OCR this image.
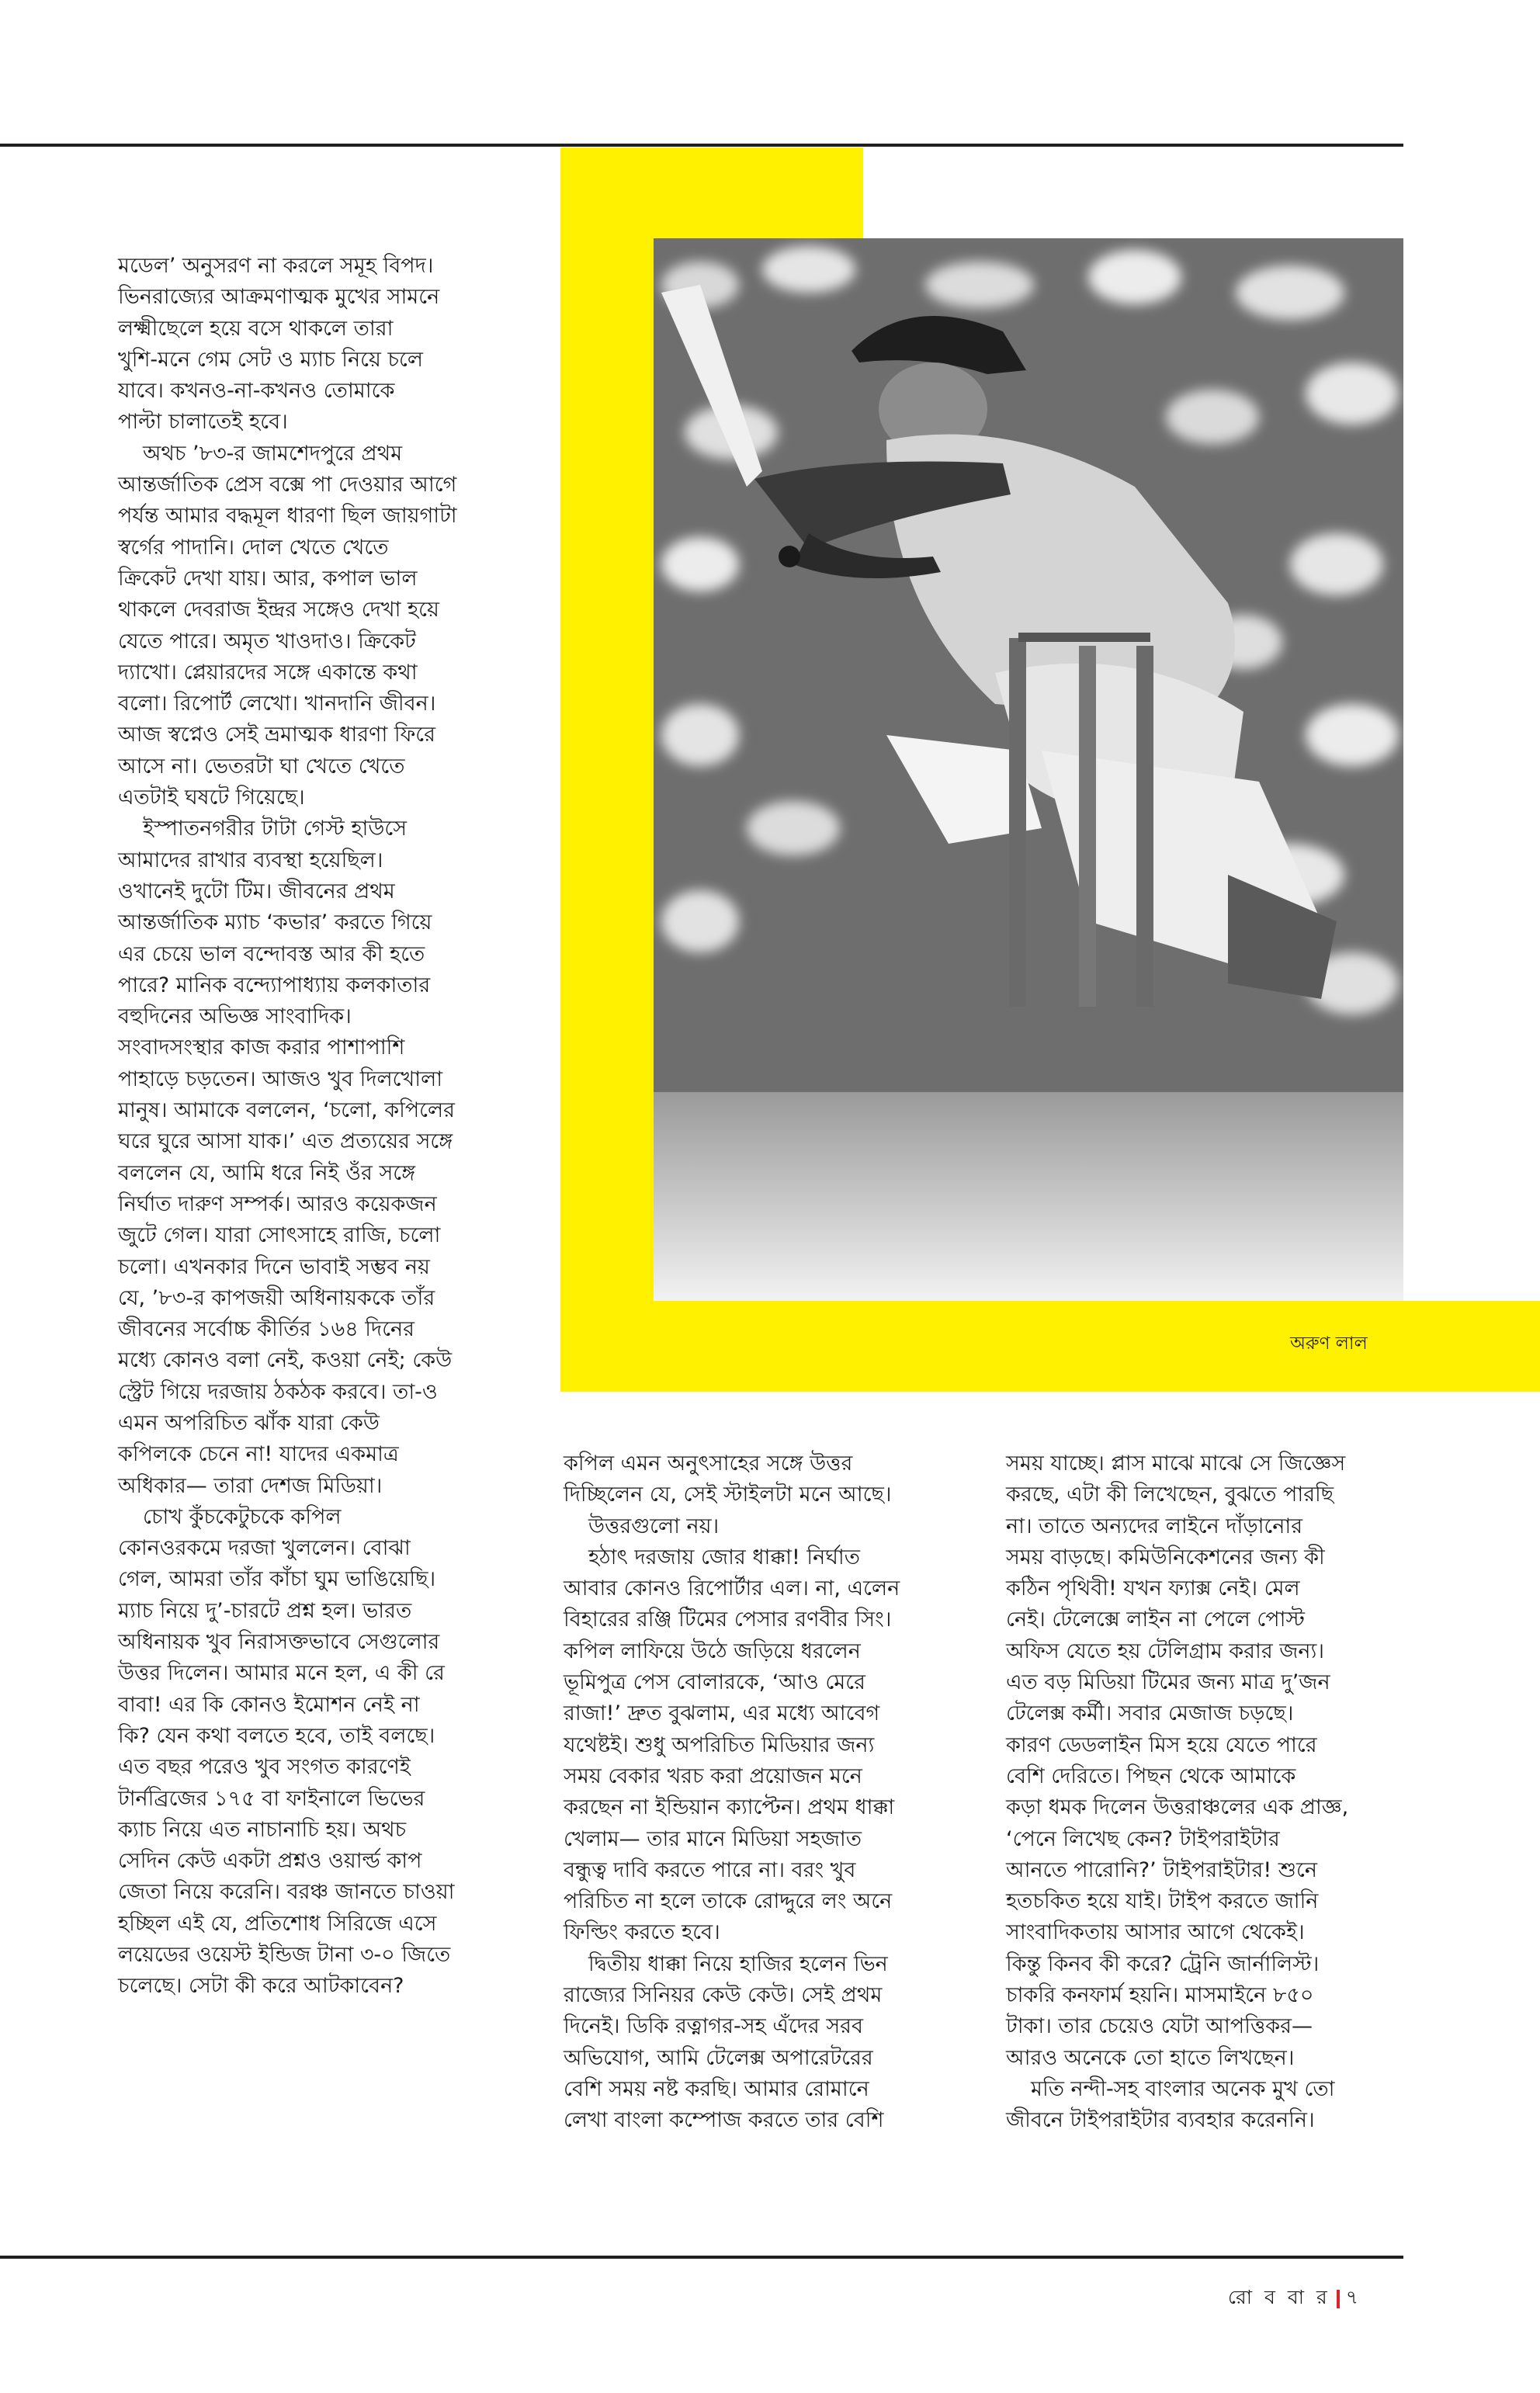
অরুণ লাল
মডেল’ অনুসরণ না করলে সমূহ বিপদ।
ভিনরাজ্যের আক্রমণাত্মক মুখের সামনে
লক্ষ্মীছেলে হয়ে বসে থাকলে তারা
খুশি-মনে গেম সেট ও ম্যাচ নিয়ে চলে
যাবে। কখনও-না-কখনও তোমাকে
পাল্টা চালাতেই হবে।
অথচ ’৮৩-র জামশেদপুরে প্রথম
আন্তর্জাতিক প্রেস বক্সে পা দেওয়ার আগে
পর্যন্ত আমার বদ্ধমূল ধারণা ছিল জায়গাটা
স্বর্গের পাদানি। দোল খেতে খেতে
ক্রিকেট দেখা যায়। আর, কপাল ভাল
থাকলে দেবরাজ ইন্দ্রর সঙ্গেও দেখা হয়ে
যেতে পারে। অমৃত খাওদাও। ক্রিকেট
দ্যাখো। প্লেয়ারদের সঙ্গে একান্তে কথা
বলো। রিপোর্ট লেখো। খানদানি জীবন।
আজ স্বপ্নেও সেই ভ্রমাত্মক ধারণা ফিরে
আসে না। ভেতরটা ঘা খেতে খেতে
এতটাই ঘষটে গিয়েছে।
ইস্পাতনগরীর টাটা গেস্ট হাউসে
আমাদের রাখার ব্যবস্থা হয়েছিল।
ওখানেই দুটো টিম। জীবনের প্রথম
আন্তর্জাতিক ম্যাচ ‘কভার’ করতে গিয়ে
এর চেয়ে ভাল বন্দোবস্ত আর কী হতে
পারে? মানিক বন্দ্যোপাধ্যায় কলকাতার
বহুদিনের অভিজ্ঞ সাংবাদিক।
সংবাদসংস্থার কাজ করার পাশাপাশি
পাহাড়ে চড়তেন। আজও খুব দিলখোলা
মানুষ। আমাকে বললেন, ‘চলো, কপিলের
ঘরে ঘুরে আসা যাক।’ এত প্রত্যয়ের সঙ্গে
বললেন যে, আমি ধরে নিই ওঁর সঙ্গে
নির্ঘাত দারুণ সম্পর্ক। আরও কয়েকজন
জুটে গেল। যারা সোৎসাহে রাজি, চলো
চলো। এখনকার দিনে ভাবাই সম্ভব নয়
যে, ’৮৩-র কাপজয়ী অধিনায়ককে তাঁর
জীবনের সর্বোচ্চ কীর্তির ১৬৪ দিনের
মধ্যে কোনও বলা নেই, কওয়া নেই; কেউ
স্ট্রেট গিয়ে দরজায় ঠকঠক করবে। তা-ও
এমন অপরিচিত ঝাঁক যারা কেউ
কপিলকে চেনে না! যাদের একমাত্র
অধিকার— তারা দেশজ মিডিয়া।
চোখ কুঁচকেটুচকে কপিল
কোনওরকমে দরজা খুললেন। বোঝা
গেল, আমরা তাঁর কাঁচা ঘুম ভাঙিয়েছি।
ম্যাচ নিয়ে দু’-চারটে প্রশ্ন হল। ভারত
অধিনায়ক খুব নিরাসক্তভাবে সেগুলোর
উত্তর দিলেন। আমার মনে হল, এ কী রে
বাবা! এর কি কোনও ইমোশন নেই না
কি? যেন কথা বলতে হবে, তাই বলছে।
এত বছর পরেও খুব সংগত কারণেই
টার্নব্রিজের ১৭৫ বা ফাইনালে ভিভের
ক্যাচ নিয়ে এত নাচানাচি হয়। অথচ
সেদিন কেউ একটা প্রশ্নও ওয়ার্ল্ড কাপ
জেতা নিয়ে করেনি। বরঞ্চ জানতে চাওয়া
হচ্ছিল এই যে, প্রতিশোধ সিরিজে এসে
লয়েডের ওয়েস্ট ইন্ডিজ টানা ৩-০ জিতে
চলেছে। সেটা কী করে আটকাবেন?
কপিল এমন অনুৎসাহের সঙ্গে উত্তর
দিচ্ছিলেন যে, সেই স্টাইলটা মনে আছে।
উত্তরগুলো নয়।
হঠাৎ দরজায় জোর ধাক্কা! নির্ঘাত
আবার কোনও রিপোর্টার এল। না, এলেন
বিহারের রঞ্জি টিমের পেসার রণবীর সিং।
কপিল লাফিয়ে উঠে জড়িয়ে ধরলেন
ভূমিপুত্র পেস বোলারকে, ‘আও মেরে
রাজা!’ দ্রুত বুঝলাম, এর মধ্যে আবেগ
যথেষ্টই। শুধু অপরিচিত মিডিয়ার জন্য
সময় বেকার খরচ করা প্রয়োজন মনে
করছেন না ইন্ডিয়ান ক্যাপ্টেন। প্রথম ধাক্কা
খেলাম— তার মানে মিডিয়া সহজাত
বন্ধুত্ব দাবি করতে পারে না। বরং খুব
পরিচিত না হলে তাকে রোদ্দুরে লং অনে
ফিল্ডিং করতে হবে।
দ্বিতীয় ধাক্কা নিয়ে হাজির হলেন ভিন
রাজ্যের সিনিয়র কেউ কেউ। সেই প্রথম
দিনেই। ডিকি রত্নাগর-সহ এঁদের সরব
অভিযোগ, আমি টেলেক্স অপারেটরের
বেশি সময় নষ্ট করছি। আমার রোমানে
লেখা বাংলা কম্পোজ করতে তার বেশি
সময় যাচ্ছে। প্লাস মাঝে মাঝে সে জিজ্ঞেস
করছে, এটা কী লিখেছেন, বুঝতে পারছি
না। তাতে অন্যদের লাইনে দাঁড়ানোর
সময় বাড়ছে। কমিউনিকেশনের জন্য কী
কঠিন পৃথিবী! যখন ফ্যাক্স নেই। মেল
নেই। টেলেক্সে লাইন না পেলে পোস্ট
অফিস যেতে হয় টেলিগ্রাম করার জন্য।
এত বড় মিডিয়া টিমের জন্য মাত্র দু’জন
টেলেক্স কর্মী। সবার মেজাজ চড়ছে।
কারণ ডেডলাইন মিস হয়ে যেতে পারে
বেশি দেরিতে। পিছন থেকে আমাকে
কড়া ধমক দিলেন উত্তরাঞ্চলের এক প্রাজ্ঞ,
‘পেনে লিখেছ কেন? টাইপরাইটার
আনতে পারোনি?’ টাইপরাইটার! শুনে
হতচকিত হয়ে যাই। টাইপ করতে জানি
সাংবাদিকতায় আসার আগে থেকেই।
কিন্তু কিনব কী করে? ট্রেনি জার্নালিস্ট।
চাকরি কনফার্ম হয়নি। মাসমাইনে ৮৫০
টাকা। তার চেয়েও যেটা আপত্তিকর—
আরও অনেকে তো হাতে লিখছেন।
মতি নন্দী-সহ বাংলার অনেক মুখ তো
জীবনে টাইপরাইটার ব্যবহার করেননি।
রো ব বা র ৭
